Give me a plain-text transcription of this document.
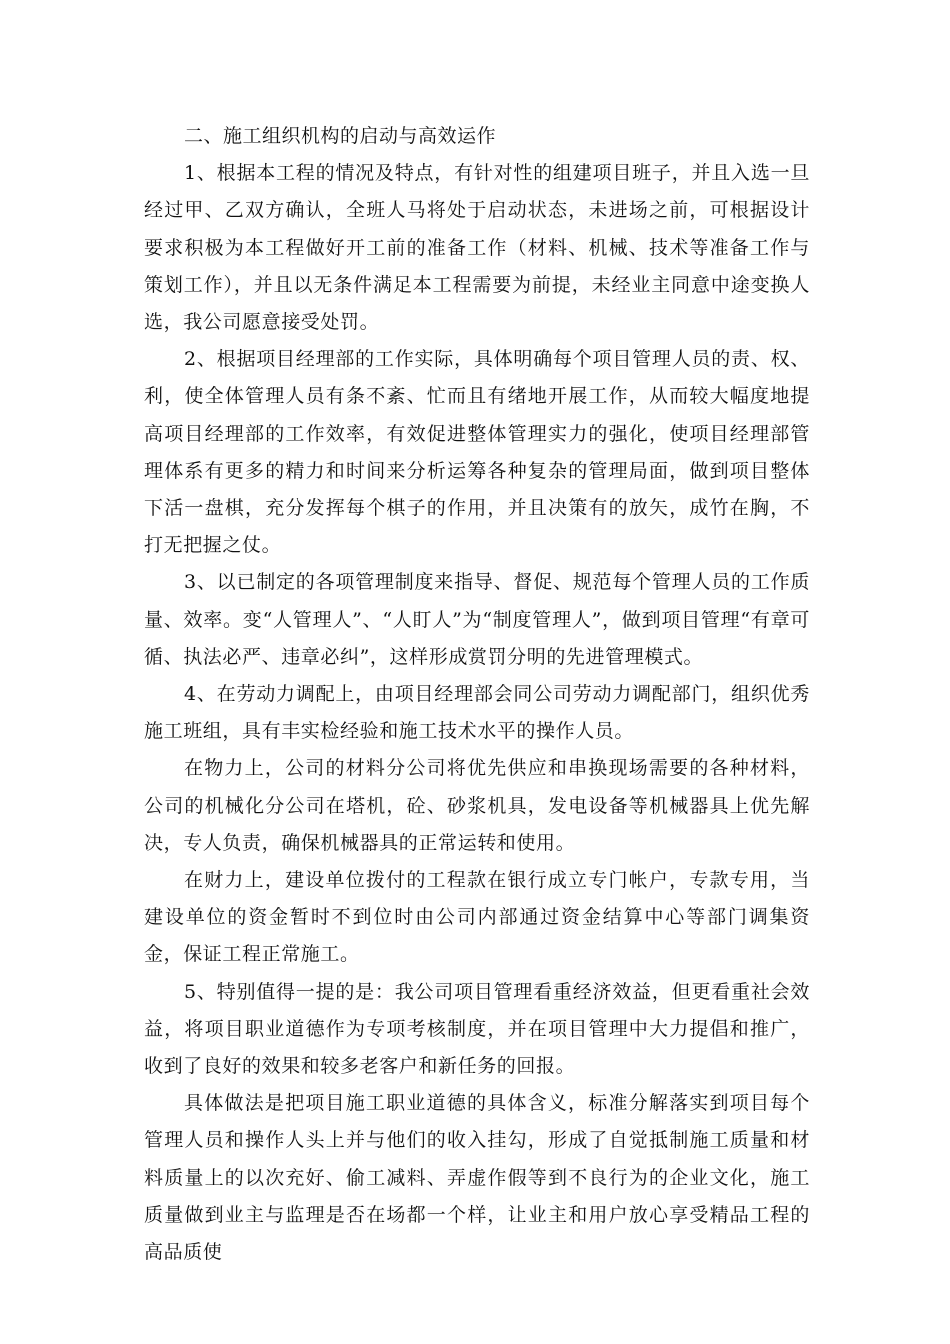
二、施工组织机构的启动与高效运作

1、根据本工程的情况及特点，有针对性的组建项目班子，并且入选一旦经过甲、乙双方确认，全班人马将处于启动状态，未进场之前，可根据设计要求积极为本工程做好开工前的准备工作（材料、机械、技术等准备工作与策划工作），并且以无条件满足本工程需要为前提，未经业主同意中途变换人选，我公司愿意接受处罚。

2、根据项目经理部的工作实际，具体明确每个项目管理人员的责、权、利，使全体管理人员有条不紊、忙而且有绪地开展工作，从而较大幅度地提高项目经理部的工作效率，有效促进整体管理实力的强化，使项目经理部管理体系有更多的精力和时间来分析运筹各种复杂的管理局面，做到项目整体下活一盘棋，充分发挥每个棋子的作用，并且决策有的放矢，成竹在胸，不打无把握之仗。

3、以已制定的各项管理制度来指导、督促、规范每个管理人员的工作质量、效率。变“人管理人”、“人盯人”为“制度管理人”，做到项目管理“有章可循、执法必严、违章必纠”，这样形成赏罚分明的先进管理模式。

4、在劳动力调配上，由项目经理部会同公司劳动力调配部门，组织优秀施工班组，具有丰实检经验和施工技术水平的操作人员。

在物力上，公司的材料分公司将优先供应和串换现场需要的各种材料，公司的机械化分公司在塔机，砼、砂浆机具，发电设备等机械器具上优先解决，专人负责，确保机械器具的正常运转和使用。

在财力上，建设单位拨付的工程款在银行成立专门帐户，专款专用，当建设单位的资金暂时不到位时由公司内部通过资金结算中心等部门调集资金，保证工程正常施工。

5、特别值得一提的是：我公司项目管理看重经济效益，但更看重社会效益，将项目职业道德作为专项考核制度，并在项目管理中大力提倡和推广，收到了良好的效果和较多老客户和新任务的回报。

具体做法是把项目施工职业道德的具体含义，标准分解落实到项目每个管理人员和操作人头上并与他们的收入挂勾，形成了自觉抵制施工质量和材料质量上的以次充好、偷工减料、弄虚作假等到不良行为的企业文化，施工质量做到业主与监理是否在场都一个样，让业主和用户放心享受精品工程的高品质使
